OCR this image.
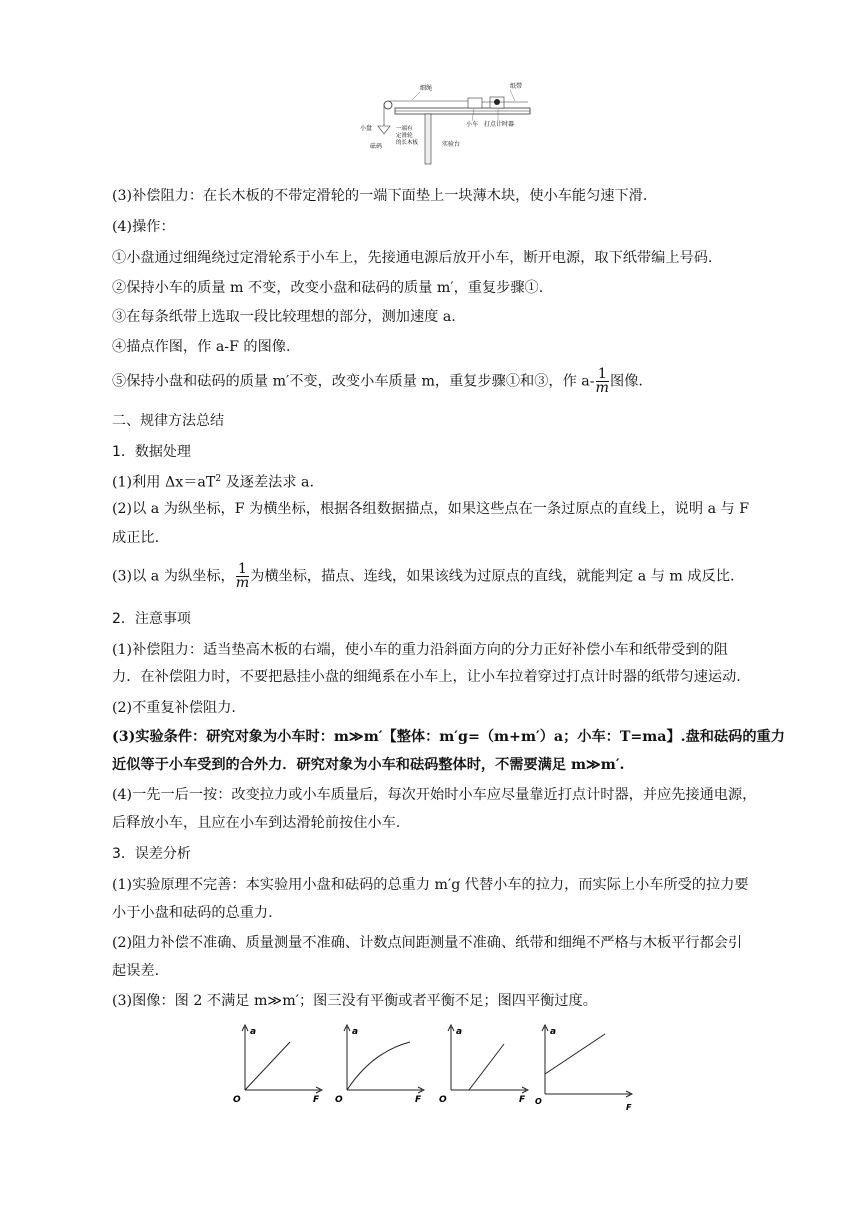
细绳	纸带
小盘
砝码
一端有定滑轮的长木板
小车
实验台
打点计时器
(3)补偿阻力：在长木板的不带定滑轮的一端下面垫上一块薄木块，使小车能匀速下滑.
(4)操作：
①小盘通过细绳绕过定滑轮系于小车上，先接通电源后放开小车，断开电源，取下纸带编上号码.
②保持小车的质量 m 不变，改变小盘和砝码的质量 m′，重复步骤①.
③在每条纸带上选取一段比较理想的部分，测加速度 a.
④描点作图，作 a-F 的图像.
⑤保持小盘和砝码的质量 m′不变，改变小车质量 m，重复步骤①和③，作 $a- \frac{1}{m}$ 图像.
二、规律方法总结
1．数据处理
(1)利用 $\Delta x=aT^2$ 及逐差法求 a.
(2)以 a 为纵坐标，F 为横坐标，根据各组数据描点，如果这些点在一条过原点的直线上，说明 a 与 F
成正比.
(3)以 a 为纵坐标， $\frac{1}{m}$ 为横坐标，描点、连线，如果该线为过原点的直线，就能判定 a 与 m 成反比.
2．注意事项
(1)补偿阻力：适当垫高木板的右端，使小车的重力沿斜面方向的分力正好补偿小车和纸带受到的阻
力．在补偿阻力时，不要把悬挂小盘的细绳系在小车上，让小车拉着穿过打点计时器的纸带匀速运动.
(2)不重复补偿阻力.
(3)实验条件：研究对象为小车时：m≫m′【整体：m′g=（m+m′）a；小车：T=ma】.盘和砝码的重力
近似等于小车受到的合外力．研究对象为小车和砝码整体时，不需要满足 m≫m′.
(4)一先一后一按：改变拉力或小车质量后，每次开始时小车应尽量靠近打点计时器，并应先接通电源，
后释放小车，且应在小车到达滑轮前按住小车.
3．误差分析
(1)实验原理不完善：本实验用小盘和砝码的总重力 m′g 代替小车的拉力，而实际上小车所受的拉力要
小于小盘和砝码的总重力.
(2)阻力补偿不准确、质量测量不准确、计数点间距测量不准确、纸带和细绳不严格与木板平行都会引
起误差.
(3)图像：图 2 不满足 m≫m′；图三没有平衡或者平衡不足；图四平衡过度。
a
O	F
a
O	F
a
O	F
a
O
F
